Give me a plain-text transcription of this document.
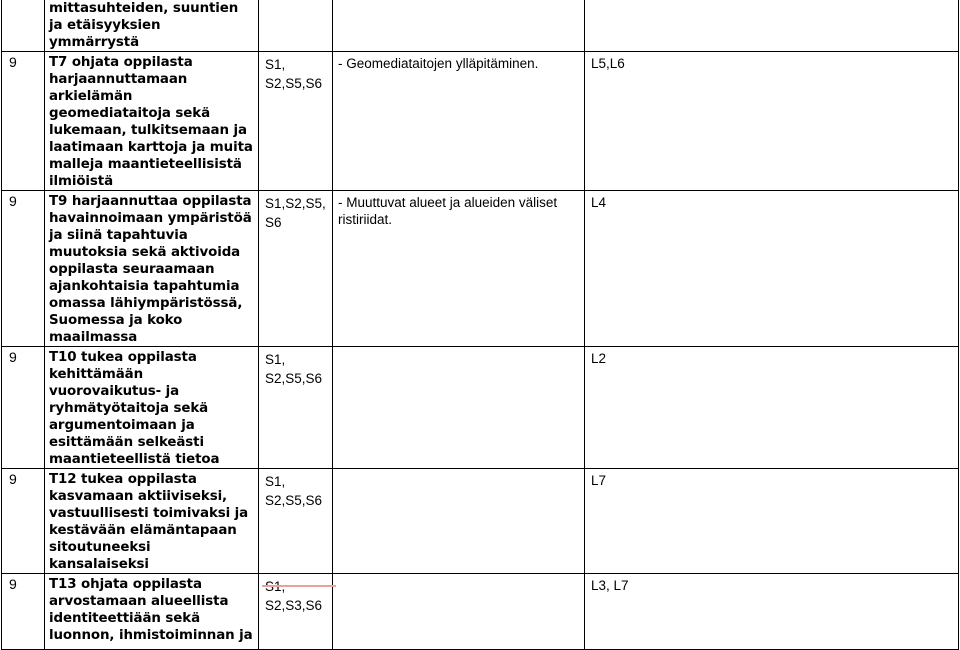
	mittasuhteiden, suuntien ja etäisyyksien ymmärrystä			
9	T7 ohjata oppilasta harjaannuttamaan arkielämän geomediataitoja sekä lukemaan, tulkitsemaan ja laatimaan karttoja ja muita malleja maantieteellisistä ilmiöistä	S1, S2,S5,S6	- Geomediataitojen ylläpitäminen.	L5,L6
9	T9 harjaannuttaa oppilasta havainnoimaan ympäristöä ja siinä tapahtuvia muutoksia sekä aktivoida oppilasta seuraamaan ajankohtaisia tapahtumia omassa lähiympäristössä, Suomessa ja koko maailmassa	S1,S2,S5, S6	- Muuttuvat alueet ja alueiden väliset ristiriidat.	L4
9	T10 tukea oppilasta kehittämään vuorovaikutus- ja ryhmätyötaitoja sekä argumentoimaan ja esittämään selkeästi maantieteellistä tietoa	S1, S2,S5,S6		L2
9	T12 tukea oppilasta kasvamaan aktiiviseksi, vastuullisesti toimivaksi ja kestävään elämäntapaan sitoutuneeksi kansalaiseksi	S1, S2,S5,S6		L7
9	T13 ohjata oppilasta arvostamaan alueellista identiteettiään sekä luonnon, ihmistoiminnan ja	S2,S3,S6		L3, L7
